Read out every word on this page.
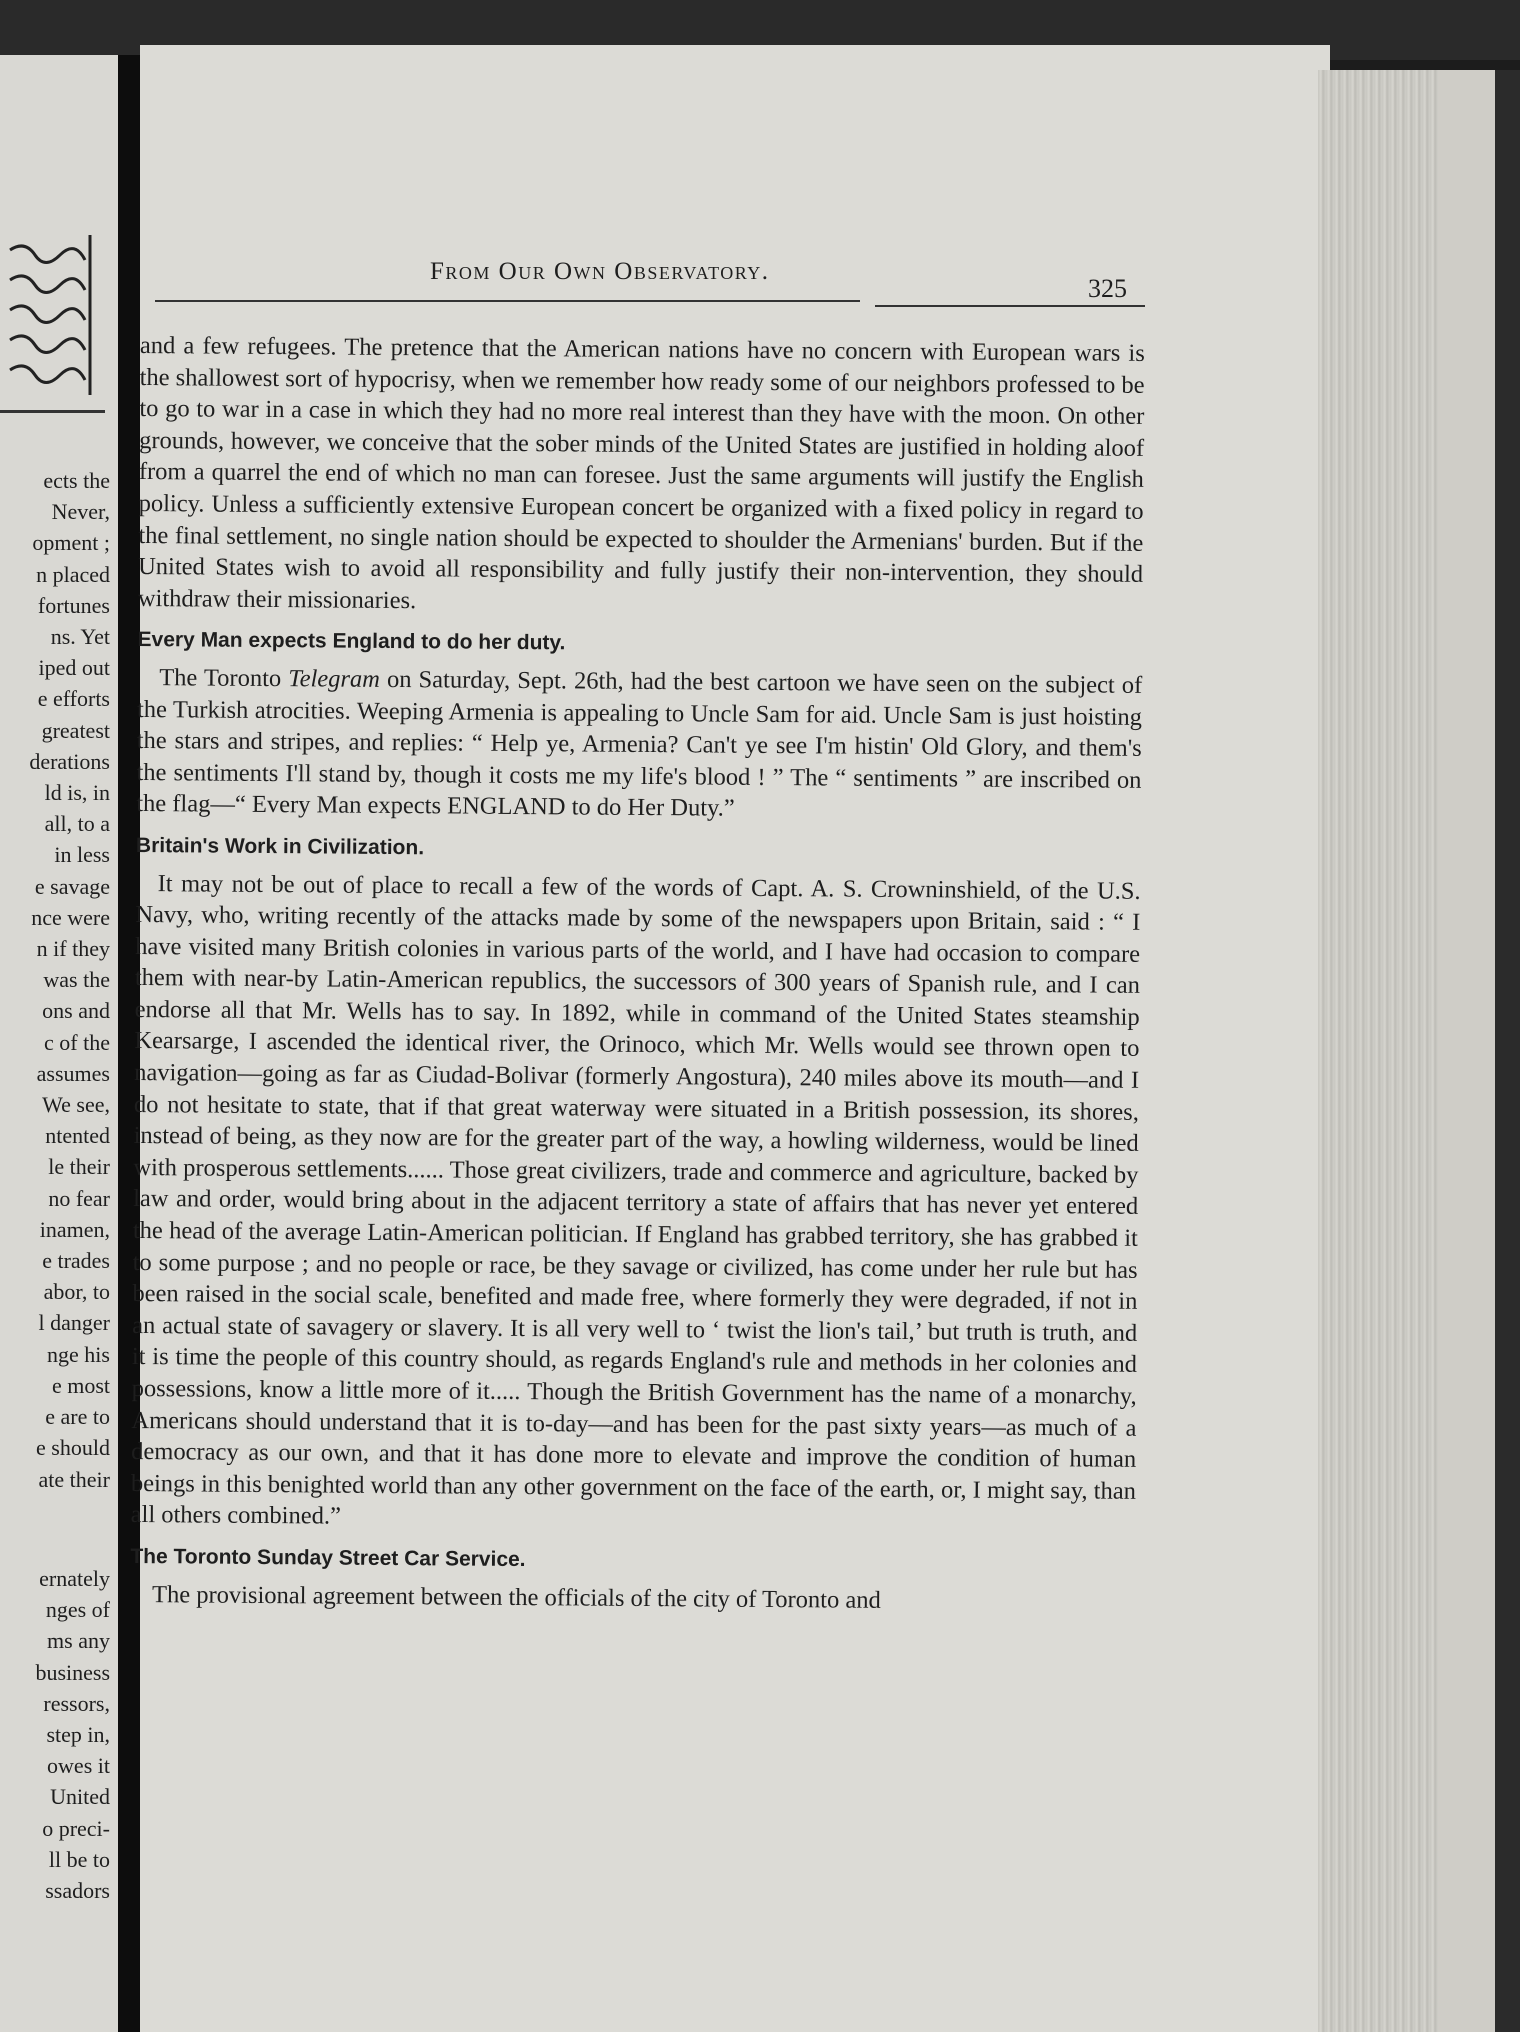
ects the
Never,
opment ;
n placed
fortunes
ns. Yet
iped out
e efforts
greatest
derations
ld is, in
all, to a
in less
e savage
nce were
n if they
was the
ons and
c of the
assumes
We see,
ntented
le their
no fear
inamen,
e trades
abor, to
l danger
nge his
e most
e are to
e should
ate their
ernately
nges of
ms any
business
ressors,
step in,
owes it
United
o preci-
ll be to
ssadors
From Our Own Observatory.
325

and a few refugees. The pretence that the American nations have no concern with European wars is the shallowest sort of hypocrisy, when we remember how ready some of our neighbors professed to be to go to war in a case in which they had no more real interest than they have with the moon. On other grounds, however, we conceive that the sober minds of the United States are justified in holding aloof from a quarrel the end of which no man can foresee. Just the same arguments will justify the English policy. Unless a sufficiently extensive European concert be organized with a fixed policy in regard to the final settlement, no single nation should be expected to shoulder the Armenians' burden. But if the United States wish to avoid all responsibility and fully justify their non-intervention, they should withdraw their missionaries.

Every Man expects England to do her duty.

The Toronto Telegram on Saturday, Sept. 26th, had the best cartoon we have seen on the subject of the Turkish atrocities. Weeping Armenia is appealing to Uncle Sam for aid. Uncle Sam is just hoisting the stars and stripes, and replies: “ Help ye, Armenia? Can't ye see I'm histin' Old Glory, and them's the sentiments I'll stand by, though it costs me my life's blood ! ” The “ sentiments ” are inscribed on the flag—“ Every Man expects ENGLAND to do Her Duty.”

Britain's Work in Civilization.

It may not be out of place to recall a few of the words of Capt. A. S. Crowninshield, of the U.S. Navy, who, writing recently of the attacks made by some of the newspapers upon Britain, said : “ I have visited many British colonies in various parts of the world, and I have had occasion to compare them with near-by Latin-American republics, the successors of 300 years of Spanish rule, and I can endorse all that Mr. Wells has to say. In 1892, while in command of the United States steamship Kearsarge, I ascended the identical river, the Orinoco, which Mr. Wells would see thrown open to navigation—going as far as Ciudad-Bolivar (formerly Angostura), 240 miles above its mouth—and I do not hesitate to state, that if that great waterway were situated in a British possession, its shores, instead of being, as they now are for the greater part of the way, a howling wilderness, would be lined with prosperous settlements...... Those great civilizers, trade and commerce and agriculture, backed by law and order, would bring about in the adjacent territory a state of affairs that has never yet entered the head of the average Latin-American politician. If England has grabbed territory, she has grabbed it to some purpose ; and no people or race, be they savage or civilized, has come under her rule but has been raised in the social scale, benefited and made free, where formerly they were degraded, if not in an actual state of savagery or slavery. It is all very well to ‘ twist the lion's tail,’ but truth is truth, and it is time the people of this country should, as regards England's rule and methods in her colonies and possessions, know a little more of it..... Though the British Government has the name of a monarchy, Americans should understand that it is to-day—and has been for the past sixty years—as much of a democracy as our own, and that it has done more to elevate and improve the condition of human beings in this benighted world than any other government on the face of the earth, or, I might say, than all others combined.”

The Toronto Sunday Street Car Service.

The provisional agreement between the officials of the city of Toronto and
